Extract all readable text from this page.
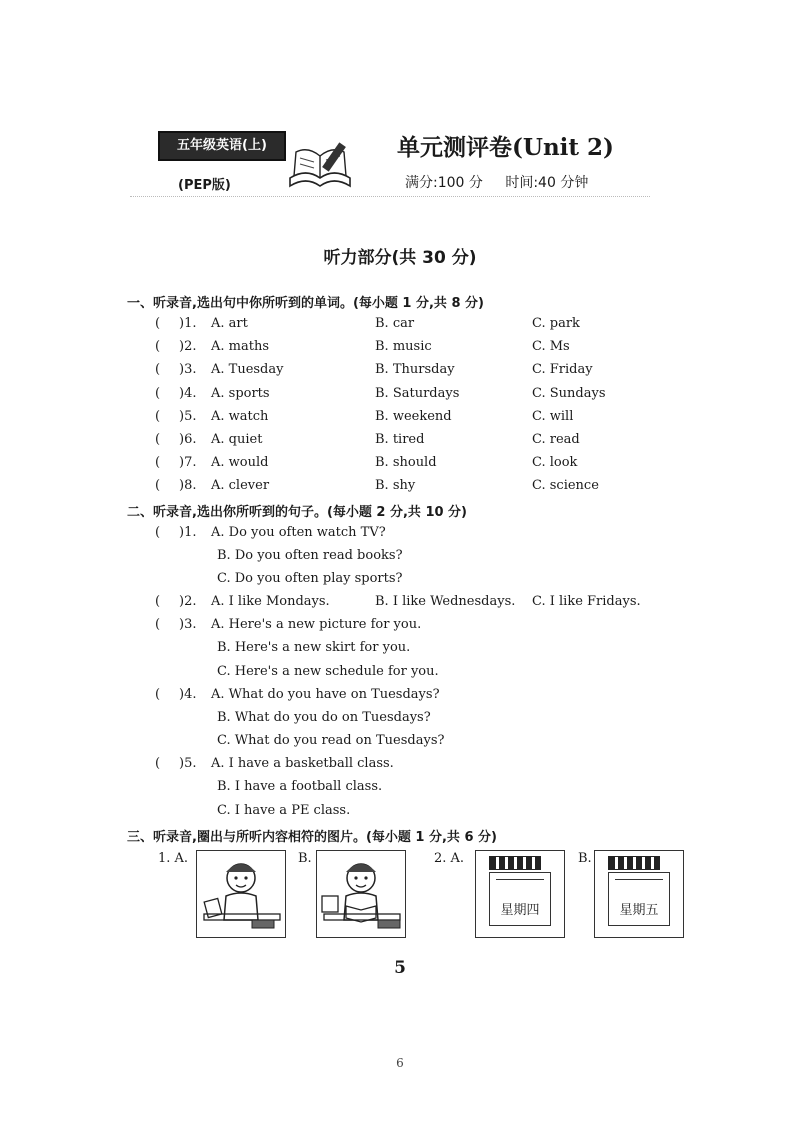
五年级英语(上)
(PEP版)
单元测评卷(Unit 2)
满分:100 分 时间:40 分钟
听力部分(共 30 分)
一、听录音,选出句中你所听到的单词。(每小题 1 分,共 8 分)
( )1. A. art	B. car	C. park
( )2. A. maths	B. music	C. Ms
( )3. A. Tuesday	B. Thursday	C. Friday
( )4. A. sports	B. Saturdays	C. Sundays
( )5. A. watch	B. weekend	C. will
( )6. A. quiet	B. tired	C. read
( )7. A. would	B. should	C. look
( )8. A. clever	B. shy	C. science
二、听录音,选出你所听到的句子。(每小题 2 分,共 10 分)
( )1. A. Do you often watch TV?
B. Do you often read books?
C. Do you often play sports?
( )2. A. I like Mondays.	B. I like Wednesdays. C. I like Fridays.
( )3. A. Here's a new picture for you.
B. Here's a new skirt for you.
C. Here's a new schedule for you.
( )4. A. What do you have on Tuesdays?
B. What do you do on Tuesdays?
C. What do you read on Tuesdays?
( )5. A. I have a basketball class.
B. I have a football class.
C. I have a PE class.
三、听录音,圈出与所听内容相符的图片。(每小题 1 分,共 6 分)
1. A.	B.	2. A.	B.
星期四	星期五
5
6
